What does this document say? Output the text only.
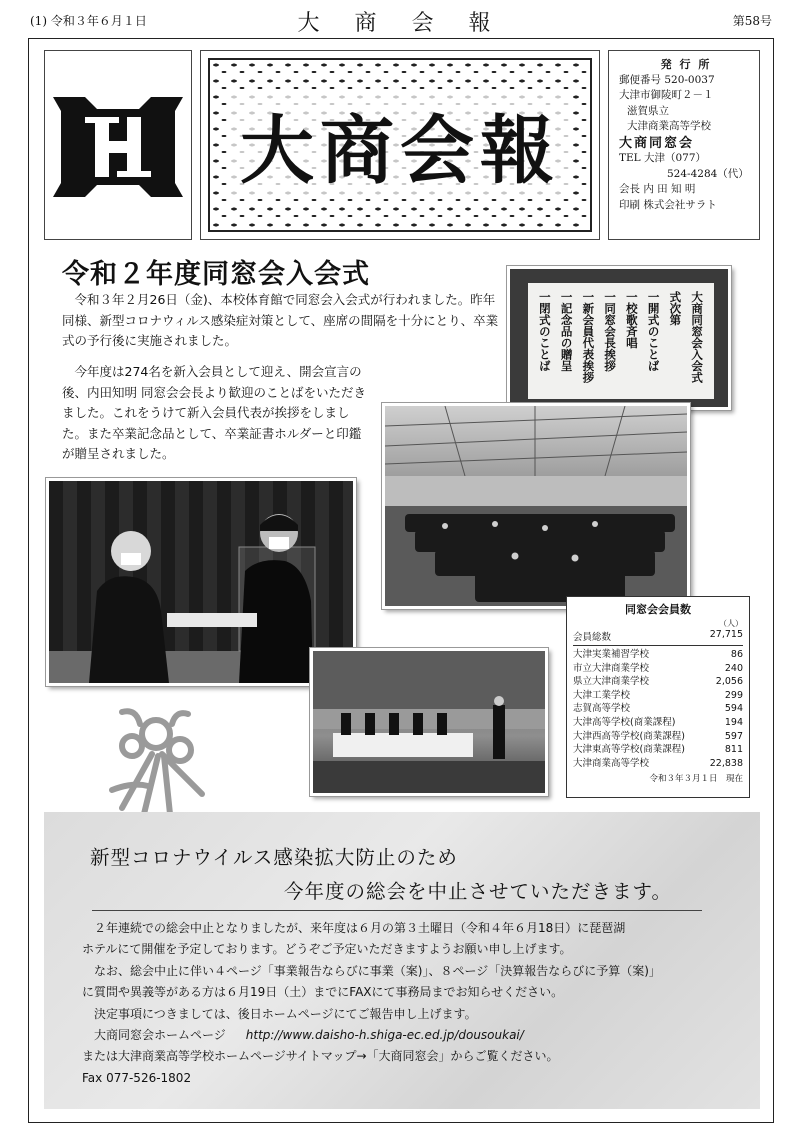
(1) 令和３年６月１日	大 商 会 報	第58号
大商会報
発 行 所
郵便番号 520-0037
大津市御陵町２－１
滋賀県立
大津商業高等学校
大商同窓会
TEL 大津（077）
524-4284（代）
会長 内 田 知 明
印刷 株式会社サラト
令和２年度同窓会入会式
令和３年２月26日（金)、本校体育館で同窓会入会式が行われました。昨年同様、新型コロナウィルス感染症対策として、座席の間隔を十分にとり、卒業式の予行後に実施されました。
今年度は274名を新入会員として迎え、開会宣言の後、内田知明 同窓会会長より歓迎のことばをいただきました。これをうけて新入会員代表が挨拶をしました。また卒業記念品として、卒業証書ホルダーと印鑑が贈呈されました。
大商同窓会入会式
式次第
一開式のことば
一校歌斉唱
一同窓会長挨拶
一新会員代表挨拶
一記念品の贈呈
一閉式のことば
同窓会会員数
（人）
会員総数	27,715
大津実業補習学校	86
市立大津商業学校	240
県立大津商業学校	2,056
大津工業学校	299
志賀高等学校	594
大津高等学校(商業課程)	194
大津西高等学校(商業課程)	597
大津東高等学校(商業課程)	811
大津商業高等学校	22,838
令和３年３月１日　現在
新型コロナウイルス感染拡大防止のため
今年度の総会を中止させていただきます。
２年連続での総会中止となりましたが、来年度は６月の第３土曜日（令和４年６月18日）に琵琶湖
ホテルにて開催を予定しております。どうぞご予定いただきますようお願い申し上げます。
なお、総会中止に伴い４ページ「事業報告ならびに事業（案)」、８ページ「決算報告ならびに予算（案)」
に質問や異義等がある方は６月19日（土）までにFAXにて事務局までお知らせください。
決定事項につきましては、後日ホームページにてご報告申し上げます。
大商同窓会ホームページ http://www.daisho-h.shiga-ec.ed.jp/dousoukai/
または大津商業高等学校ホームページサイトマップ→「大商同窓会」からご覧ください。
Fax 077-526-1802
